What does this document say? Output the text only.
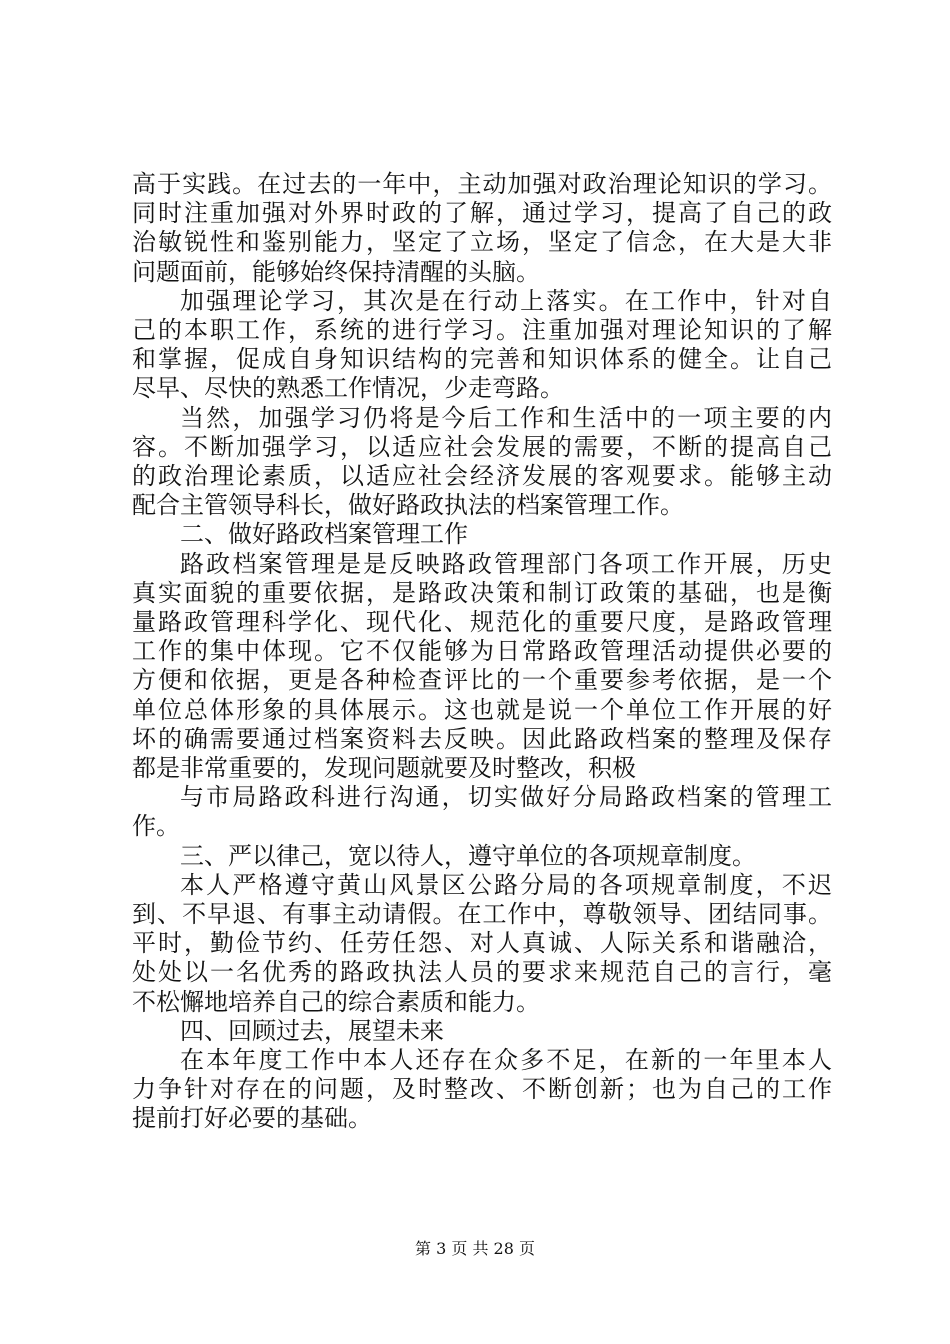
高于实践。在过去的一年中，主动加强对政治理论知识的学习。
同时注重加强对外界时政的了解，通过学习，提高了自己的政
治敏锐性和鉴别能力，坚定了立场，坚定了信念，在大是大非
问题面前，能够始终保持清醒的头脑。
加强理论学习，其次是在行动上落实。在工作中，针对自
己的本职工作，系统的进行学习。注重加强对理论知识的了解
和掌握，促成自身知识结构的完善和知识体系的健全。让自己
尽早、尽快的熟悉工作情况，少走弯路。
当然，加强学习仍将是今后工作和生活中的一项主要的内
容。不断加强学习，以适应社会发展的需要，不断的提高自己
的政治理论素质，以适应社会经济发展的客观要求。能够主动
配合主管领导科长，做好路政执法的档案管理工作。
二、做好路政档案管理工作
路政档案管理是是反映路政管理部门各项工作开展，历史
真实面貌的重要依据，是路政决策和制订政策的基础，也是衡
量路政管理科学化、现代化、规范化的重要尺度，是路政管理
工作的集中体现。它不仅能够为日常路政管理活动提供必要的
方便和依据，更是各种检查评比的一个重要参考依据，是一个
单位总体形象的具体展示。这也就是说一个单位工作开展的好
坏的确需要通过档案资料去反映。因此路政档案的整理及保存
都是非常重要的，发现问题就要及时整改，积极
与市局路政科进行沟通，切实做好分局路政档案的管理工
作。
三、严以律己，宽以待人，遵守单位的各项规章制度。
本人严格遵守黄山风景区公路分局的各项规章制度，不迟
到、不早退、有事主动请假。在工作中，尊敬领导、团结同事。
平时，勤俭节约、任劳任怨、对人真诚、人际关系和谐融洽，
处处以一名优秀的路政执法人员的要求来规范自己的言行，毫
不松懈地培养自己的综合素质和能力。
四、回顾过去，展望未来
在本年度工作中本人还存在众多不足，在新的一年里本人
力争针对存在的问题，及时整改、不断创新；也为自己的工作
提前打好必要的基础。
第 3 页 共 28 页
